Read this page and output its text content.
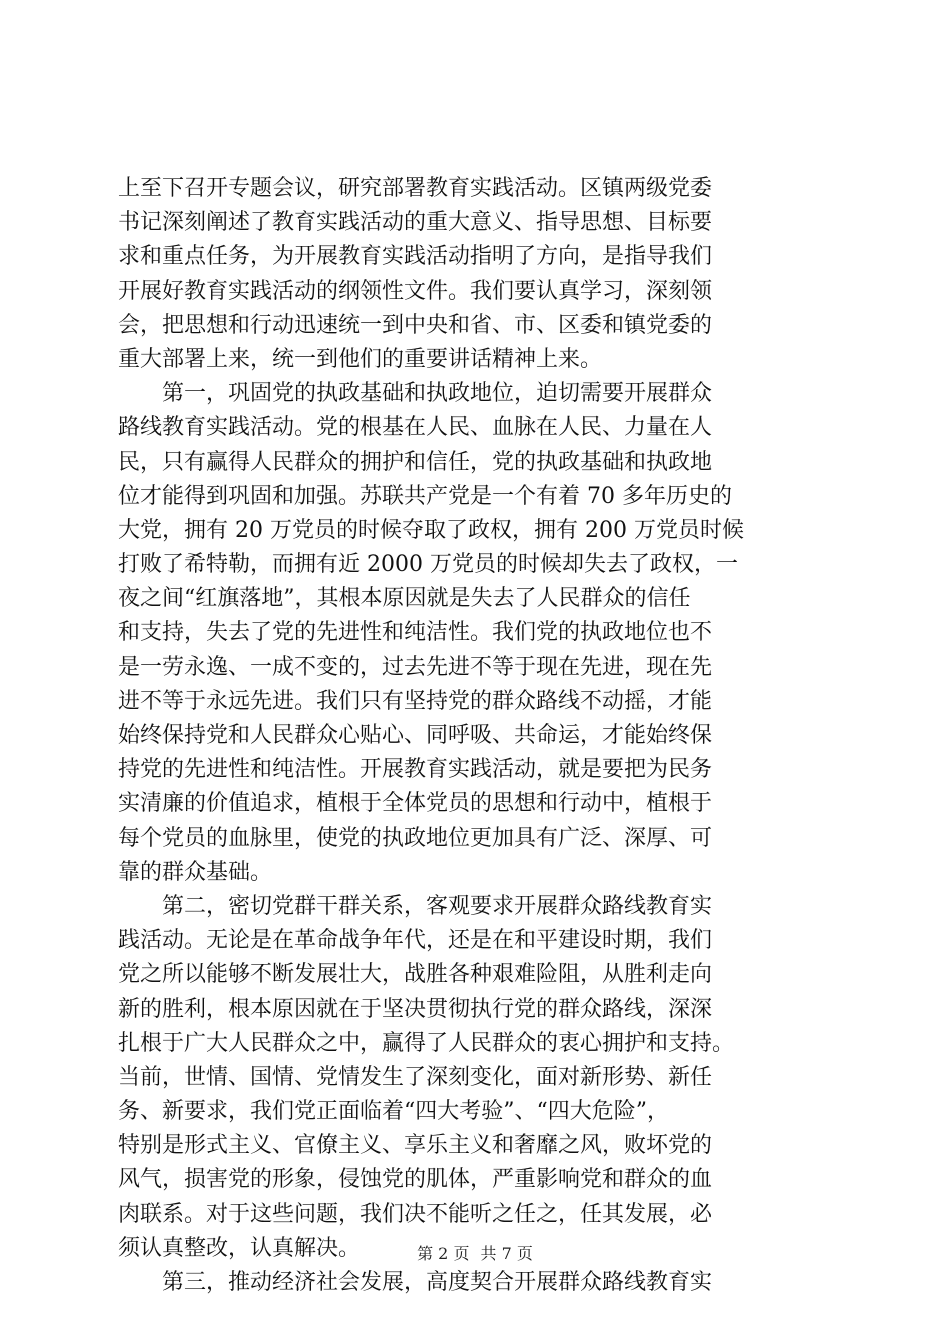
上至下召开专题会议，研究部署教育实践活动。区镇两级党委
书记深刻阐述了教育实践活动的重大意义、指导思想、目标要
求和重点任务，为开展教育实践活动指明了方向，是指导我们
开展好教育实践活动的纲领性文件。我们要认真学习，深刻领
会，把思想和行动迅速统一到中央和省、市、区委和镇党委的
重大部署上来，统一到他们的重要讲话精神上来。
　　第一，巩固党的执政基础和执政地位，迫切需要开展群众
路线教育实践活动。党的根基在人民、血脉在人民、力量在人
民，只有赢得人民群众的拥护和信任，党的执政基础和执政地
位才能得到巩固和加强。苏联共产党是一个有着 70 多年历史的
大党，拥有 20 万党员的时候夺取了政权，拥有 200 万党员时候
打败了希特勒，而拥有近 2000 万党员的时候却失去了政权，一
夜之间“红旗落地”，其根本原因就是失去了人民群众的信任
和支持，失去了党的先进性和纯洁性。我们党的执政地位也不
是一劳永逸、一成不变的，过去先进不等于现在先进，现在先
进不等于永远先进。我们只有坚持党的群众路线不动摇，才能
始终保持党和人民群众心贴心、同呼吸、共命运，才能始终保
持党的先进性和纯洁性。开展教育实践活动，就是要把为民务
实清廉的价值追求，植根于全体党员的思想和行动中，植根于
每个党员的血脉里，使党的执政地位更加具有广泛、深厚、可
靠的群众基础。
　　第二，密切党群干群关系，客观要求开展群众路线教育实
践活动。无论是在革命战争年代，还是在和平建设时期，我们
党之所以能够不断发展壮大，战胜各种艰难险阻，从胜利走向
新的胜利，根本原因就在于坚决贯彻执行党的群众路线，深深
扎根于广大人民群众之中，赢得了人民群众的衷心拥护和支持。
当前，世情、国情、党情发生了深刻变化，面对新形势、新任
务、新要求，我们党正面临着“四大考验”、“四大危险”，
特别是形式主义、官僚主义、享乐主义和奢靡之风，败坏党的
风气，损害党的形象，侵蚀党的肌体，严重影响党和群众的血
肉联系。对于这些问题，我们决不能听之任之，任其发展，必
须认真整改，认真解决。
　　第三，推动经济社会发展，高度契合开展群众路线教育实
第 2 页 共 7 页
